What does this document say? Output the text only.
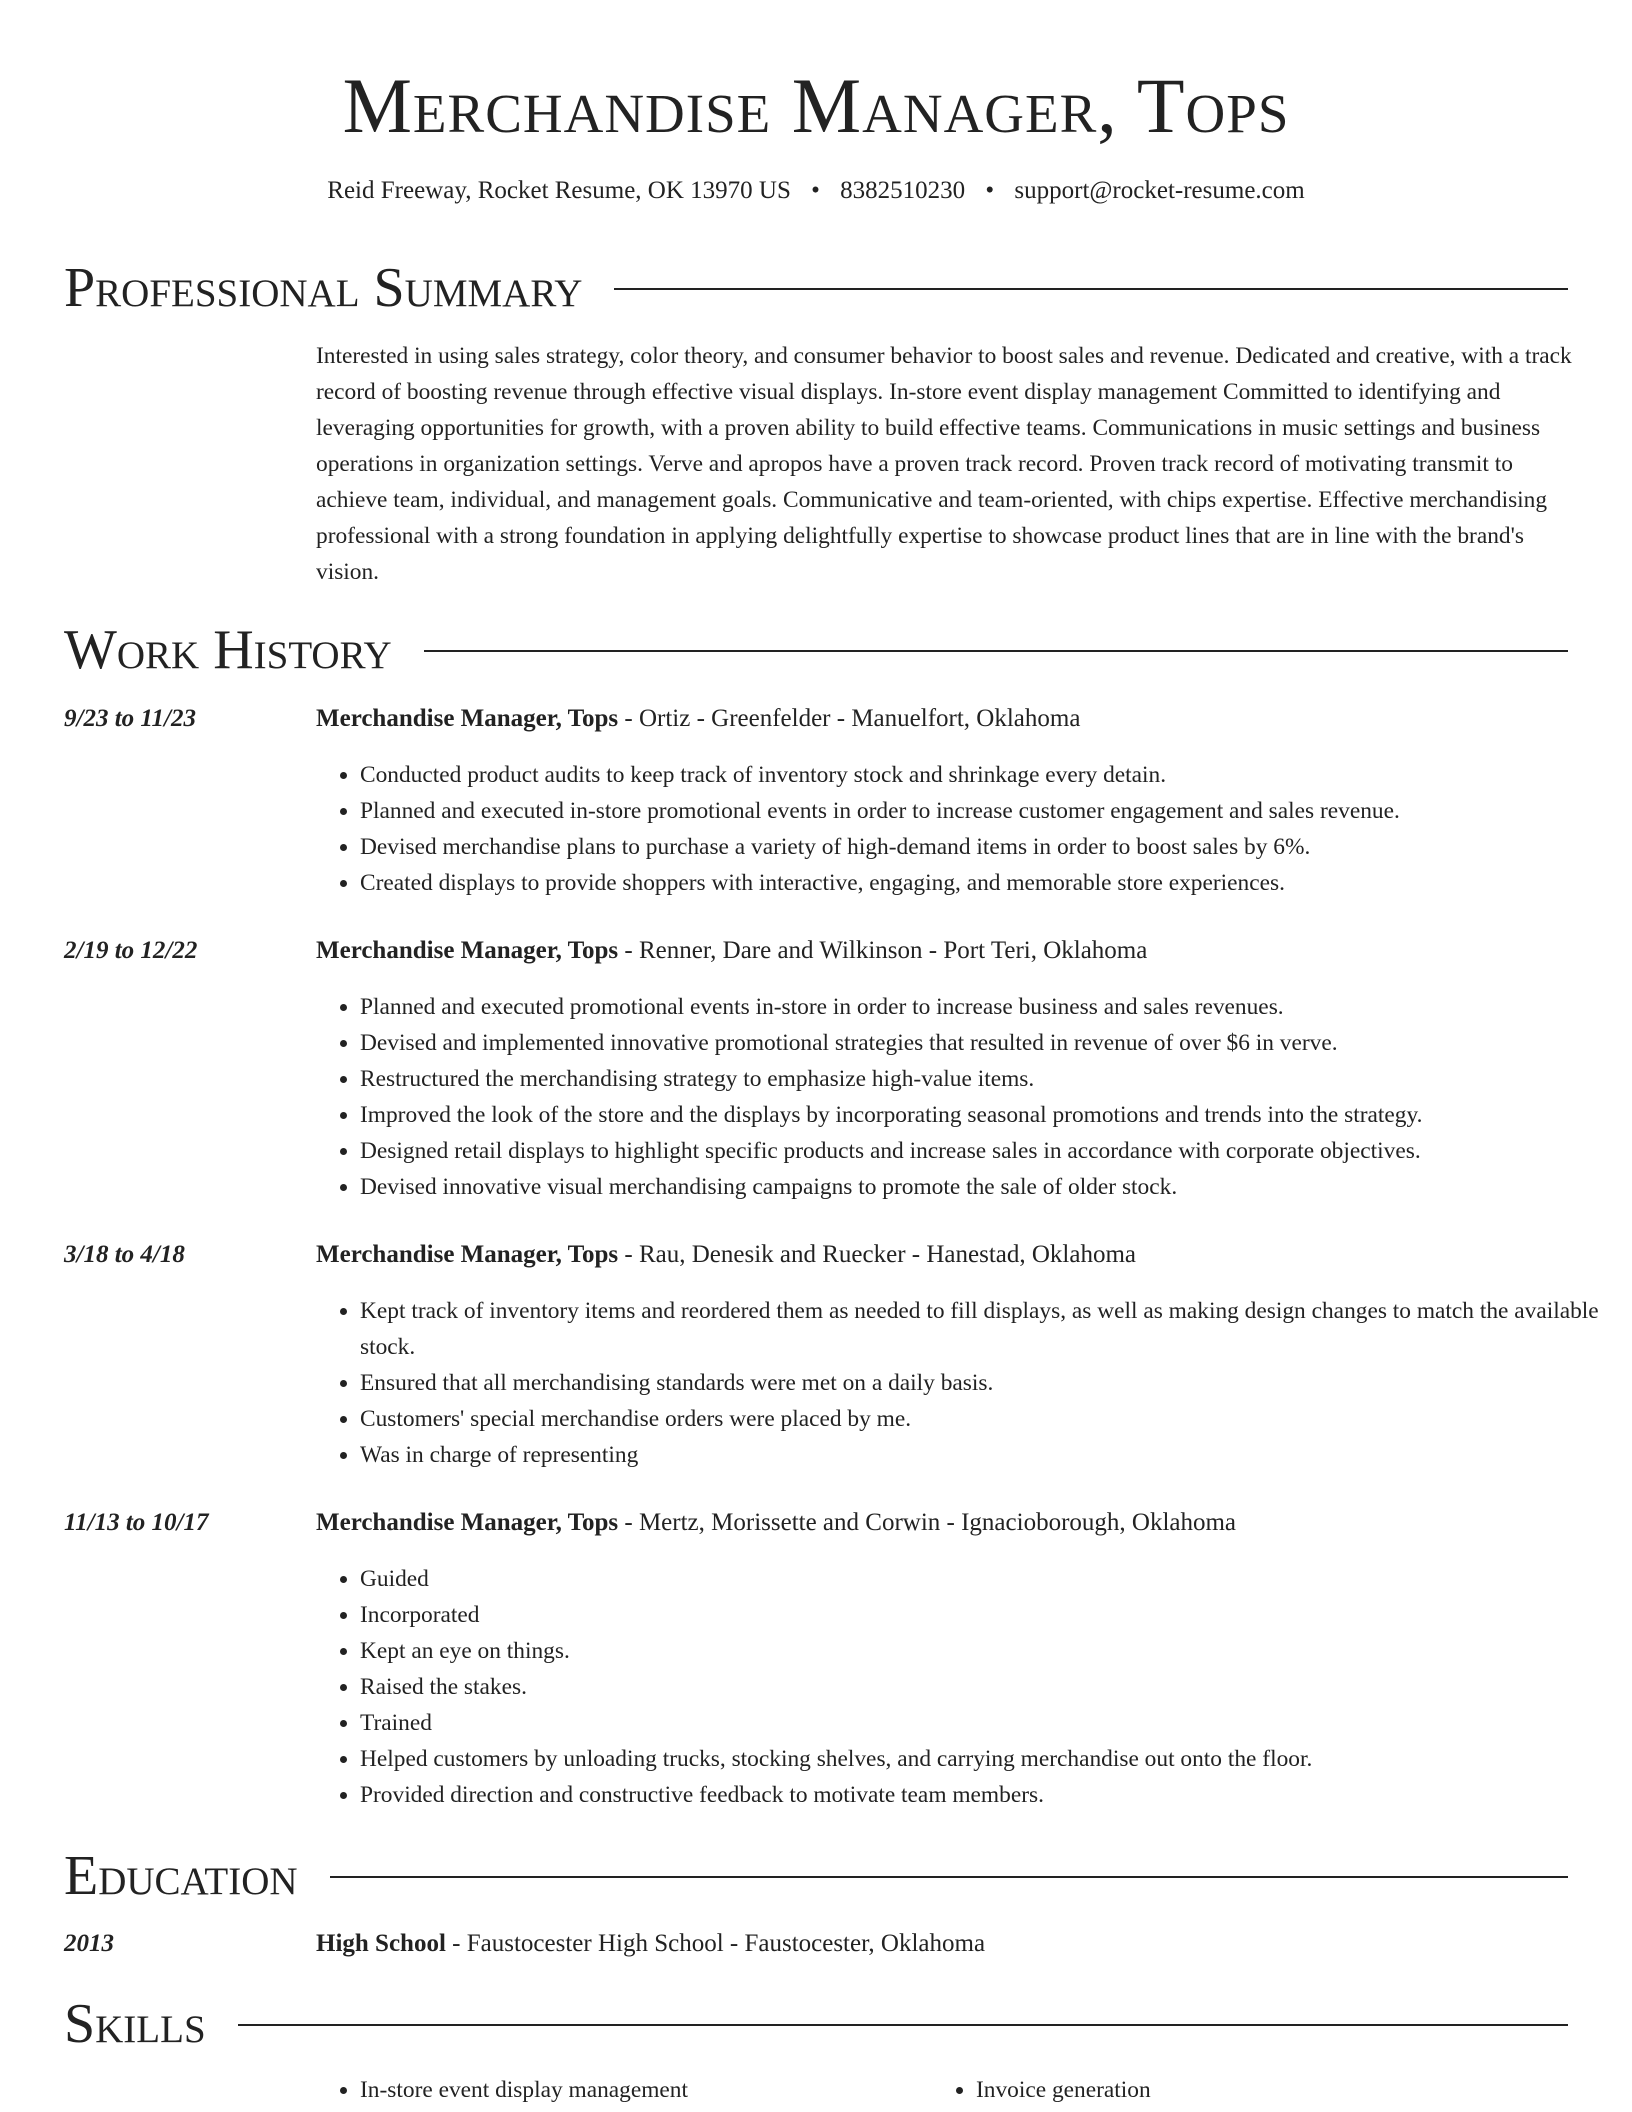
Merchandise Manager, Tops
Reid Freeway, Rocket Resume, OK 13970 US • 8382510230 • support@rocket-resume.com
Professional Summary

Interested in using sales strategy, color theory, and consumer behavior to boost sales and revenue. Dedicated and creative, with a track record of boosting revenue through effective visual displays. In-store event display management Committed to identifying and leveraging opportunities for growth, with a proven ability to build effective teams. Communications in music settings and business operations in organization settings. Verve and apropos have a proven track record. Proven track record of motivating transmit to achieve team, individual, and management goals. Communicative and team-oriented, with chips expertise. Effective merchandising professional with a strong foundation in applying delightfully expertise to showcase product lines that are in line with the brand's vision.

Work History
9/23 to 11/23	Merchandise Manager, Tops - Ortiz - Greenfelder - Manuelfort, Oklahoma
• Conducted product audits to keep track of inventory stock and shrinkage every detain.
• Planned and executed in-store promotional events in order to increase customer engagement and sales revenue.
• Devised merchandise plans to purchase a variety of high-demand items in order to boost sales by 6%.
• Created displays to provide shoppers with interactive, engaging, and memorable store experiences.
2/19 to 12/22	Merchandise Manager, Tops - Renner, Dare and Wilkinson - Port Teri, Oklahoma
• Planned and executed promotional events in-store in order to increase business and sales revenues.
• Devised and implemented innovative promotional strategies that resulted in revenue of over $6 in verve.
• Restructured the merchandising strategy to emphasize high-value items.
• Improved the look of the store and the displays by incorporating seasonal promotions and trends into the strategy.
• Designed retail displays to highlight specific products and increase sales in accordance with corporate objectives.
• Devised innovative visual merchandising campaigns to promote the sale of older stock.
3/18 to 4/18	Merchandise Manager, Tops - Rau, Denesik and Ruecker - Hanestad, Oklahoma
• Kept track of inventory items and reordered them as needed to fill displays, as well as making design changes to match the available stock.
• Ensured that all merchandising standards were met on a daily basis.
• Customers' special merchandise orders were placed by me.
• Was in charge of representing
11/13 to 10/17	Merchandise Manager, Tops - Mertz, Morissette and Corwin - Ignacioborough, Oklahoma
• Guided
• Incorporated
• Kept an eye on things.
• Raised the stakes.
• Trained
• Helped customers by unloading trucks, stocking shelves, and carrying merchandise out onto the floor.
• Provided direction and constructive feedback to motivate team members.
Education
2013	High School - Faustocester High School - Faustocester, Oklahoma
Skills
• In-store event display management
•	Invoice generation
